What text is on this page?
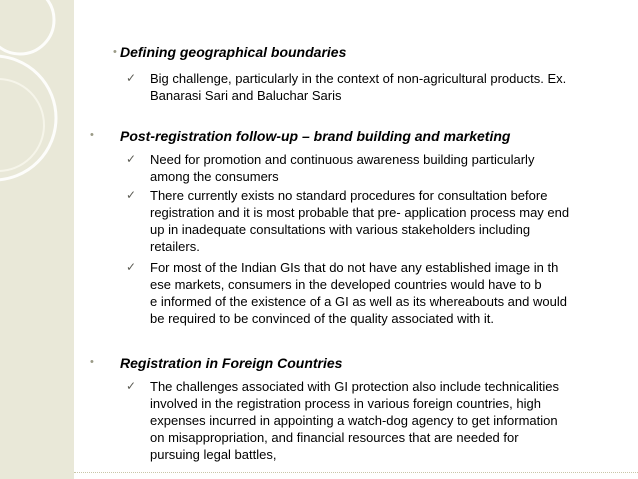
• Defining geographical boundaries
✓ Big challenge, particularly in the context of non-agricultural products. Ex.
Banarasi Sari and Baluchar Saris
• Post-registration follow-up – brand building and marketing
✓ Need for promotion and continuous awareness building particularly
among the consumers
✓ There currently exists no standard procedures for consultation before
registration and it is most probable that pre- application process may end
up in inadequate consultations with various stakeholders including
retailers.
✓ For most of the Indian GIs that do not have any established image in th
ese markets, consumers in the developed countries would have to b
e informed of the existence of a GI as well as its whereabouts and would
be required to be convinced of the quality associated with it.
• Registration in Foreign Countries
✓ The challenges associated with GI protection also include technicalities
involved in the registration process in various foreign countries, high
expenses incurred in appointing a watch-dog agency to get information
on misappropriation, and financial resources that are needed for
pursuing legal battles,
